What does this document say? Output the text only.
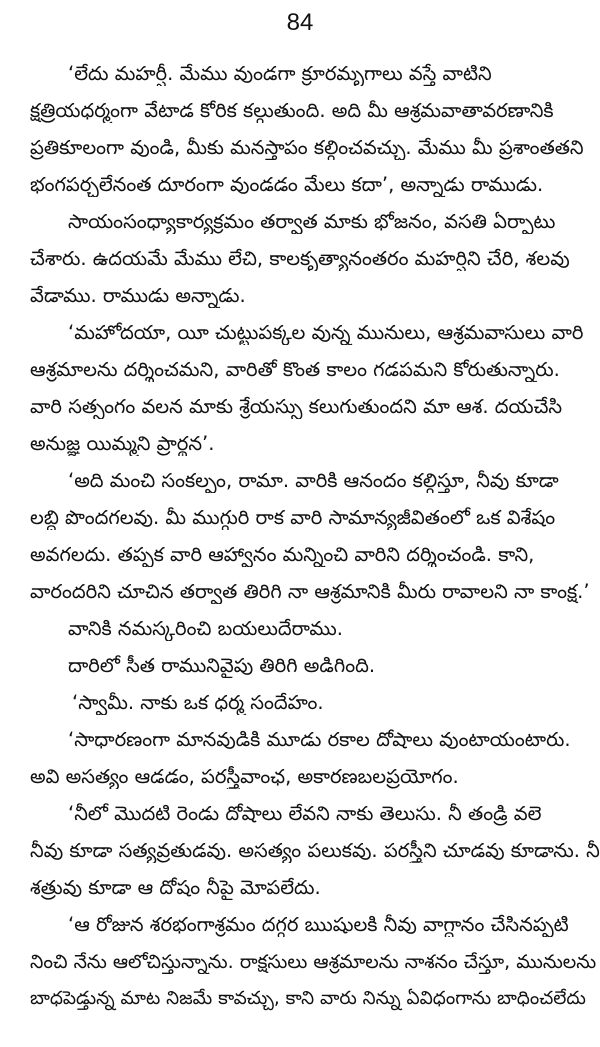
84
‘లేదు మహర్షీ. మేము వుండగా క్రూరమృగాలు వస్తే వాటిని
క్షత్రియధర్మంగా వేటాడ కోరిక కల్గుతుంది. అది మీ ఆశ్రమవాతావరణానికి
ప్రతికూలంగా వుండి, మీకు మనస్తాపం కల్గించవచ్చు. మేము మీ ప్రశాంతతని
భంగపర్చలేనంత దూరంగా వుండడం మేలు కదా’, అన్నాడు రాముడు.
సాయంసంధ్యాకార్యక్రమం తర్వాత మాకు భోజనం, వసతి ఏర్పాటు
చేశారు. ఉదయమే మేము లేచి, కాలకృత్యానంతరం మహర్షిని చేరి, శలవు
వేడాము. రాముడు అన్నాడు.
‘మహోదయా, యీ చుట్టుపక్కల వున్న మునులు, ఆశ్రమవాసులు వారి
ఆశ్రమాలను దర్శించమని, వారితో కొంత కాలం గడపమని కోరుతున్నారు.
వారి సత్సంగం వలన మాకు శ్రేయస్సు కలుగుతుందని మా ఆశ. దయచేసి
అనుజ్ఞ యిమ్మని ప్రార్థన’.
‘అది మంచి సంకల్పం, రామా. వారికి ఆనందం కల్గిస్తూ, నీవు కూడా
లబ్ధి పొందగలవు. మీ ముగ్గురి రాక వారి సామాన్యజీవితంలో ఒక విశేషం
అవగలదు. తప్పక వారి ఆహ్వానం మన్నించి వారిని దర్శించండి. కాని,
వారందరిని చూచిన తర్వాత తిరిగి నా ఆశ్రమానికి మీరు రావాలని నా కాంక్ష.’
వానికి నమస్కరించి బయలుదేరాము.
దారిలో సీత రామునివైపు తిరిగి అడిగింది.
‘స్వామీ. నాకు ఒక ధర్మ సందేహం.
‘సాధారణంగా మానవుడికి మూడు రకాల దోషాలు వుంటాయంటారు.
అవి అసత్యం ఆడడం, పరస్త్రీవాంఛ, అకారణబలప్రయోగం.
‘నీలో మొదటి రెండు దోషాలు లేవని నాకు తెలుసు. నీ తండ్రి వలె
నీవు కూడా సత్యవ్రతుడవు. అసత్యం పలుకవు. పరస్త్రీని చూడవు కూడాను. నీ
శత్రువు కూడా ఆ దోషం నీపై మోపలేదు.
‘ఆ రోజున శరభంగాశ్రమం దగ్గర ఋషులకి నీవు వాగ్దానం చేసినప్పటి
నించి నేను ఆలోచిస్తున్నాను. రాక్షసులు ఆశ్రమాలను నాశనం చేస్తూ, మునులను
బాధపెడ్తున్న మాట నిజమే కావచ్చు, కాని వారు నిన్ను ఏవిధంగాను బాధించలేదు
